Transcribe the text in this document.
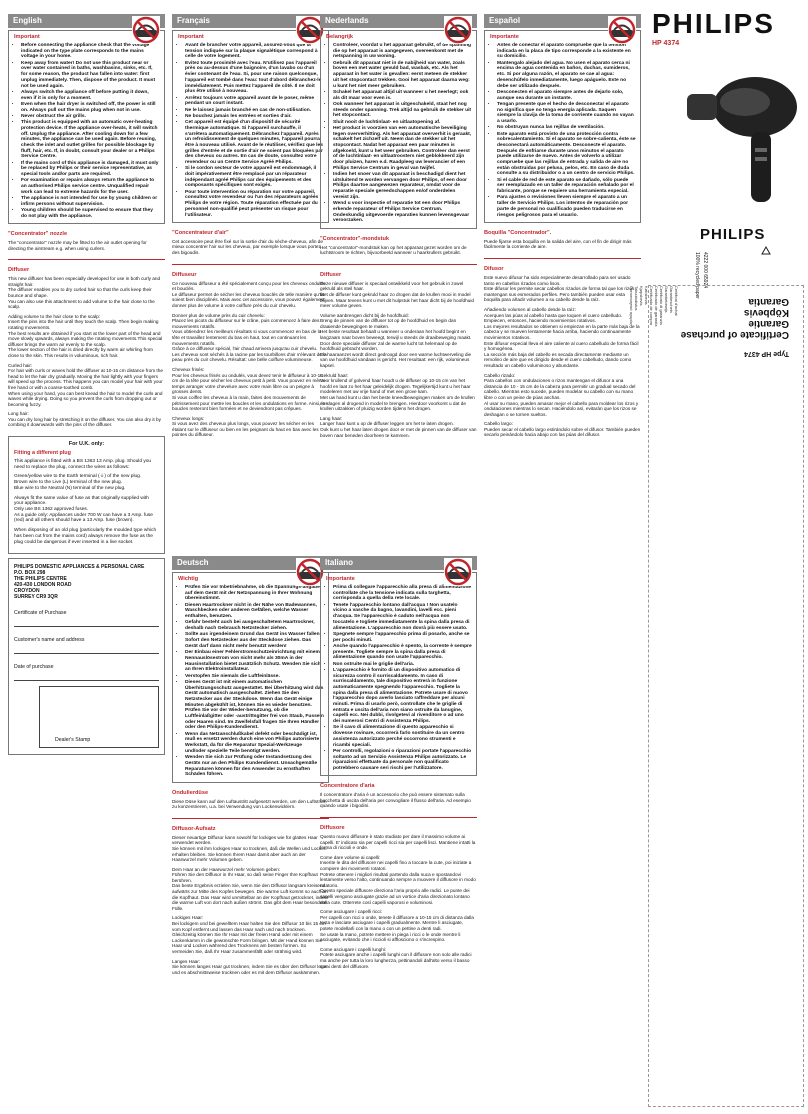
English
Important
• Before connecting the appliance check that the voltage indicated on the type plate corresponds to the mains voltage in your home.
• Keep away from water! Do not use this product near or over water contained in baths, washbasins, sinks, etc. If, for some reason, the product has fallen into water: first unplug immediately. Then, dispose of the product. It must not be used again.
• Always switch the appliance off before putting it down, even if it is only for a moment.
• Even when the hair dryer is switched off, the power is still on. Always pull out the mains plug when not in use.
• Never obstruct the air grills.
• This product is equipped with an automatic over-heating protection device. If the appliance over-heats, it will switch off. Unplug the appliance. After cooling down for a few minutes, the appliance can be used again. Before reusing, check the inlet and outlet grilles for possible blockage by fluff, hair, etc. If, in doubt, consult your dealer or a Philips Service Centre.
• If the mains cord of this appliance is damaged, it must only be replaced by Philips or their service representative, as special tools and/or parts are required.
• For examination or repairs always return the appliance to an authorised Philips service centre. Unqualified repair work can lead to extreme hazards for the user.
• The appliance is not intended for use by young children or infirm persons without supervision.
• Young children should be supervised to ensure that they do not play with the appliance.
"Concentrator" nozzle

The "concentrator" nozzle may be fitted to the air outlet opening for directing the airstream e.g. when using curlers.

Diffuser

This new diffuser has been especially developed for use in both curly and straight hair.
The diffuser enables you to dry curled hair so that the curls keep their bounce and shape.
You can also use this attachment to add volume to the hair close to the scalp.

Adding volume to the hair close to the scalp:
Insert the pins into the hair until they touch the scalp. Then begin making rotating movements.
The best results are obtained if you start at the lower part of the head and move slowly upwards, always making the rotating movements.This special diffuser brings the warm air evenly to the scalp.
The lower section of the hair is dried directly by warm air whirling from close to the skin. This results in voluminous, rich hair.

Curled hair:
For hair with curls or waves hold the diffuser at 10-15 cm distance from the head to let the hair dry gradually. Moving the hair lightly with your fingers will speed up the process. This happens you can model your hair with your free hand or with a coarse-toothed comb.
When using your hand, you can best knead the hair to model the curls and waves while drying. Doing so you prevent the curls from dropping out or becoming fuzzy.

Long hair:
You can dry long hair by stretching it on the diffuser. You can also dry it by combing it downwards with the pins of the diffuser.

For U.K. only:
Fitting a different plug

This appliance is fitted with a BS 1363 13 Amp. plug. Should you need to replace the plug, connect the wires as follows:

Green/yellow wire to the Earth terminal (⏚) of the new plug.
Brown wire to the Live (L) terminal of the new plug.
Blue wire to the Neutral (N) terminal of the new plug.

Always fit the same value of fuse as that originally supplied with your appliance.
Only use BS 1362 approved fuses.
As a guide only: Appliances under 700 W can have a 3 Amp. fuse (red) and all others should have a 13 Amp. fuse (brown).

When disposing of an old plug (particularly the moulded type which has been cut from the mains cord) always remove the fuse as the plug could be dangerous if ever inserted in a live socket.

PHILIPS DOMESTIC APPLIANCES & PERSONAL CARE
P.O. BOX 298
THE PHILIPS CENTRE
420-430 LONDON ROAD
CROYDON
SURREY CR9 3QR
Certificate of Purchase
Customer's name and address
Date of purchase
Dealer's Stamp
Français
Important
• Avant de brancher votre appareil, assurez-vous que la tension indiquée sur la plaque signalétique correspond à celle de votre logement.
• Evitez toute proximité avec l'eau. N'utilisez pas l'appareil près ou au-dessus d'une baignoire, d'un lavabo ou d'un évier contenant de l'eau. Si, pour une raison quelconque, l'appareil est tombé dans l'eau: tout d'abord débranchez-le immédiatement. Puis mettez l'appareil de côté. Il ne doit plus être utilisé à nouveau.
• Arrêtez toujours votre appareil avant de le poser, même pendant un court instant.
• Ne le laissez jamais branché en cas de non-utilisation.
• Ne bouchez jamais les entrées et sorties d'air.
• Cet appareil est équipé d'un dispositif de sécurité thermique automatique. Si l'appareil surchauffe, il s'arrêtera automatiquement. Débranchez l'appareil. Après un refroidissement de quelques minutes, l'appareil pourra être à nouveau utilisé. Avant de le réutiliser, vérifiez que les grilles d'entrée et de sortie d'air ne soient pas bloquées par des cheveux ou autres. En cas de doute, consultez votre revendeur ou un Centre Service Agréé Philips.
• Si le cordon secteur de votre appareil est endommagé, il doit impérativement être remplacé par un réparateur indépendant agréé Philips car des équipements et des composants spécifiques sont exigés.
• Pour toute intervention ou réparation sur votre appareil, consultez votre revendeur ou l'un des réparateurs agréés Philips de votre région. Toute réparation effectuée par du personnel non-qualifié peut présenter un risque pour l'utilisateur.
"Concentrateur d'air"

Cet accessoire peut être fixé sur la sortie d'air du sèche-cheveux, afin de mieux concentrer l'air sur les cheveux, par exemple lorsque vous portez des bigoudis.

Diffuseur

Ce nouveau diffuseur a été spécialement conçu pour les cheveux ondulés et bouclés.
Le diffuseur permet de sécher les cheveux bouclés de telle manière qu'ils soient bien disciplinés. Mais avec cet accessoire, vous pouvez également donner plus de volume à votre coiffure près du cuir chevelu.

Donner plus de volume près du cuir chevelu:
Placez les picots du diffuseur sur le crâne, puis commencez à faire des mouvements rotatifs.
Vous obtiendrez les meilleurs résultats si vous commencez en bas de la tête et travaillez lentement du bas en haut, tout en continuant les mouvements rotatifs.
Grâce à ce diffuseur spécial, l'air chaud arrivera jusqu'au cuir chevelu.
Les cheveux sont séchés à la racine par les tourbillons d'air s'élevant de la peau près du cuir chevelu. Résultat: une belle coiffure volumineuse.

Cheveux frisés:
Pour les cheveux frisés ou ondulés, vous devez tenir le diffuseur à 10-15 cm de la tête pour sécher les cheveux petit à petit. Vous pouvez en même temps arranger votre chevelure avec votre main libre ou un peigne à grosses dents.
Si vous coiffez les cheveux à la main, faites des mouvements de pétrissement pour mettre les boucles et les ondulations en forme. Ainsi, les boucles resteront bien formées et ne deviendront pas crêpues.

Cheveux longs:
Si vous avez des cheveux plus longs, vous pouvez les sécher en les étalant sur le diffuseur ou bien en les peignant du haut en bas avec les pointes du diffuseur.

Deutsch
Wichtig
• Prüfen Sie vor Inbetriebnahme, ob die Spannungs-angabe auf dem Gerät mit der Netzspannung in Ihrer Wohnung übereinstimmt.
• Diesen Haartrockner nicht in der Nähe von Badewannen, Waschbecken oder anderen Gefäßen, welche Wasser enthalten, benutzen.
• Gefahr besteht auch bei ausgeschaltetem Haartrockner, deshalb nach Gebrauch Netzstecker ziehen.
• Sollte aus irgendeinem Grund das Gerät ins Wasser fallen: Sofort den Netzstecker aus der Steckdose ziehen. Das Gerät darf dann nicht mehr benutzt werden!
• Der Einbau einer Fehlerstromschutzeinrichtung mit einem Nennauslösestrom von nicht mehr als 30mA in der Hausinstallation bietet zusätzlich Schutz. Wenden Sie sich an Ihren Elektroinstallateur.
• Verstopfen Sie niemals die Luftfeinlässe.
• Dieses Gerät ist mit einem automatischen Überhitzungsschutz ausgestattet. Bei Überhitzung wird das Gerät automatisch ausgeschaltet. Ziehen Sie den Netzstecker aus der Steckdose. Wenn das Gerät einige Minuten abgekühlt ist, können Sie es wieder benutzen. Prüfen Sie vor der Wieder-benutzung, ob die Luftfeinlaßgitter oder -austrittsgitter frei von Staub, Fusseln oder Haaren sind. Im Zweifelsfall fragen Sie Ihren Händler oder den Philips-Kundendienst.
• Wenn das Netzanschlußkabel defekt oder beschädigt ist, muß es ersetzt werden durch eine von Philips autorisierte Werkstatt, da für die Reparatur Spezial-Werkzeuge und/oder spezielle Teile benötigt werden.
• Wenden Sie sich zur Prüfung oder Instandsetzung des Geräts nur an den Philips Kundendienst. Unsachgemäße Reparaturen können für den Anwender zu ernsthaften Schäden führen.
Ondulierdüse

Diese Düse kann auf den Luftaustritt aufgesetzt werden, um den Luftstrom zu konzentrieren, u.a. bei Verwendung von Lockenwicklern.

Diffusor-Aufsatz

Dieser neuartige Diffusor kann sowohl für lockiges wie für glattes Haar verwendet werden.
Sie können mit ihm lockiges Haar so trocknen, daß die Wellen und Locken erhalten bleiben. Sie können Ihrem Haar damit aber auch an der Haarwurzel mehr Volumen geben.

Dem Haar an der Haarwurzel mehr Volumen geben:
Führen Sie den Diffusor in Ihr Haar, so daß seine Finger Ihre Kopfhaut berühren.
Das beste Ergebnis erzielen Sie, wenn Sie den Diffusor langsam kreisend aufwärts zur Mitte des Kopfes bewegen. Die warme Luft kommt so auch an die Kopfhaut. Das Haar wird unmittelbar an der Kopfhaut getrocknet, indem die warme Luft von dort nach außen strömt. Das gibt dem Haar besondere Fülle.

Lockiges Haar:
Bei lockigem und bei gewelltem Haar halten Sie den Diffusor 10 bis 15 cm vom Kopf entfernt und lassen das Haar nach und nach trocknen. Gleichzeitig können Sie Ihr Haar mit der freien Hand oder mit einem Lockenkamm in die gewünschte Form bringen. Mit der Hand können Sie Haar und Locken während des Trocknens am besten formen. So vermeiden Sie, daß Ihr Haar zusammenfällt oder strähnig wird.

Langes Haar:
Sie können langes Haar gut trocknen, indem Sie es über den Diffusor legen und es abschnittsweise trocknen oder es mit dem Diffusor auskämmen.

Nederlands
Belangrijk
• Controleer, voordat u het apparaat gebruikt, of de spanning die op het apparaat is aangegeven, overeenkomt met de netspanning in uw woning.
• Gebruik dit apparaat niet in de nabijheid van water, zoals boven een met water gevuld bad, wasbak, etc. Als het apparaat in het water is gevallen: eerst meteen de stekker uit het stopcontact trekken. Gooi het apparaat daarna weg: u kunt het niet meer gebruiken.
• Schakel het apparaat altijd uit wanneer u het neerlegt; ook als dit maar voor even is.
• Ook wanneer het apparaat is uitgeschakeld, staat het nog steeds onder spanning. Trek altijd na gebruik de stekker uit het stopcontact.
• Sluit nooit de luchtinlaat- en uitlaatopening af.
• Het product is voorzien van een automatische beveiliging tegen oververhitting. Als het apparaat oververhit is geraakt, schakelt het zichzelf uit. Neem dan de stekker uit het stopcontact. Nadat het apparaat een paar minuten is afgekoeld, kunt u het weer gebruiken. Controleer dan eerst of de luchtinlaat- en uitlaatroosters niet geblokkeerd zijn door pluizen, haren e.d. Raadpleeg uw leverancier of een Philips Service Centrum in geval van twijfel.
• Indien het snoer van dit apparaat is beschadigd dient het uitsluitend te worden vervangen door Philips, of een door Philips daartoe aangewezen reparateur, omdat voor de reparatie speciale gereedschappen en/of onderdelen vereist zijn.
• Wend u voor inspectie of reparatie tot een door Philips erkende reparateur of Philips Service Centrum. Ondeskundig uitgevoerde reparaties kunnen levensgevaar veroorzaken.
"Concentrator"-mondstuk

Het "concentrator"-mondstuk kan op het apparaat gezet worden om de luchtstroom te richten, bijvoorbeeld wanneer u haarkrullers gebruikt.

Diffuser

Deze nieuwe diffuser is speciaal ontwikkeld voor het gebruik in zowel gekruld als steil haar.
Met de diffuser kunt gekruld haar zo drogen dat de krullen mooi in model blijven. Maar tevens kunt u met dit hulpstuk het haar dicht bij de hoofdhuid meer volume geven.

Volume aanbrengen dicht bij de hoofdhuid:
Breng de pinnen van de diffuser tot op de hoofdhuid en begin dan draaiende bewegingen te maken.
Het beste resultaat behaalt u wanneer u onderaan het hoofd begint en langzaam naar boven beweegt, terwijl u steeds de draaibeweging maakt.
Door deze speciale diffuser zal de warme lucht tot helemaal op de hoofdhuid gebracht worden.
De haaraanzet wordt direct gedroogd door een warme luchtwerveling die van uw hoofdhuid vandaan is gericht. Het resultaat: een rijk, volumineus kapsel.

Gekruld haar:
Voor krullend of golvend haar houdt u de diffuser op 10-15 cm van het hoofd en laat zo het haar geleidelijk drogen. Tegelijkertijd kunt u het haar modeleren met uw vrije hand of met een grove kam.
Met uw hand kunt u dan het beste kneedbewegingen maken om de krullen en slagen al drogend in model te brengen. Hierdoor voorkomt u dat de krullen uitzakken of pluizig worden tijdens het drogen.

Lang haar:
Langer haar kunt u op de diffuser leggen om het te laten drogen.
Ook kunt u het haar laten drogen door er met de pinnen van de diffuser van boven naar beneden doorheen te kammen.

Italiano
Importante
• Prima di collegare l'apparecchio alla presa di alimentazione controllate che la tensione indicata sulla targhetta, corrisponda a quella della rete locale.
• Tenete l'apparecchio lontano dall'acqua ! Non usatelo vicino a vasche da bagno, lavandini, lavelli ecc. pieni d'acqua. Se l'apparecchio è caduto nell'acqua non toccatelo e togliete immediatamente la spina dalla presa di alimentazione. L'apparecchio non dovrà più essere usato.
• Spegnete sempre l'apparecchio prima di posarlo, anche se per pochi minuti.
• Anche quando l'apparecchio è spento, la corrente è sempre presente. Togliete sempre la spina dalla presa di alimentazione quando non usate l'apparecchio.
• Non ostruite mai le griglie dell'aria.
• L'apparecchio è fornito di un dispositivo automatico di sicurezza contro il surriscaldamento. In caso di surriscaldamento, tale dispositivo entrerà in funzione automaticamente spegnendo l'apparecchio. Togliete la spina dalla presa di alimentazione. Potrete usare di nuovo l'apparecchio dopo averlo lasciato raffreddare per alcuni minuti. Prima di usarlo però, controllate che le griglie di entrata e uscita dell'aria non siano ostruite da lanugine, capelli ecc. Nei dubbi, rivolgetevi al rivenditore o ad uno dei numerosi Centri di Assistenza Philips.
• Se il cavo di alimentazione di questo apparecchio si dovesse rovinare, occorrerà farlo sostituire da un centro assistenza autorizzato perché occorrono strumenti e ricambi speciali.
• Per controlli, regolazioni o riparazioni portate l'apparecchio soltanto ad un Servizio Assistenza Philips autorizzato. Le riparazioni effettuate da personale non qualificato potrebbero causare seri rischi per l'utilizzatore.
Concentratore d'aria

Il concentratore d'aria è un accessorio che può essere sistemato sulla bocchetta di uscita dell'aria per convogliare il flusso dell'aria. Ad esempio quando usate i bigodini.

Diffusore

Questo nuovo diffusore è stato studiato per dare il massimo volume ai capelli. E' indicato sia per capelli ricci sia per capelli lisci. Mantiene intatti la forma di riccioli e onde.

Come dare volume ai capelli:
Inserite le dita del diffusore nei capelli fino a toccare la cute, poi iniziate a compiere dei movimenti rotatori.
Potrete ottenere i migliori risultati partendo dalla nuca e spostandovi lentamente verso l'alto, continuando sempre a muovere il diffusore in modo rotatorio.
Questo speciale diffusore direziona l'aria proprio alle radici. Le punte dei capelli vengono asciugate grazie ad un vortice d'aria direzionato lontano dalla cute. Otterrete così capelli vaporosi e voluminosi.

Come asciugare i capelli ricci:
Per capelli con ricci o onde, tenete il diffusore a 10-15 cm di distanza dalla testa e lasciate asciugare i capelli gradualmente. Mentre li asciugate, potete modellarli con la mano o con un pettine a denti radi.
Se usate la mano, potrete mettere in piega i ricci o le onde mentre li asciugate, evitando che i riccioli si afflosciono o s'increspino.

Come asciugare i capelli lunghi:
Potete asciugare anche i capelli lunghi con il diffusore non solo alle radici ma anche per tutta la loro lunghezza, pettinandoli dall'alto verso il basso con i denti del diffusore.

Español
Importante
• Antes de conectar el aparato compruebe que la tensión indicada en la placa de tipo corresponde a la existente en su domicilio.
• Mantengalo alejado del agua. No usen el aparato cerca ni encima de agua contenida en baños, duchas, sumideros, etc. Si por alguna razón, el aparato se cae al agua: desenchúfelo inmediatamente, luego apáguelo. Este no debe ser utilizado después.
• Desconecten el aparato siempre antes de dejarlo solo, aunque sea durante un instante.
• Tengan presente que el hecho de desconectar el aparato no significa que no tenga energía aplicada. Saquen siempre la clavija de la toma de corriente cuando no vayan a usarlo.
• No obstruyan nunca las rejillas de ventilación.
• Este aparato está provisto de una protección contra sobrecalentamiento. Si el aparato se sobre-calienta, éste se desconectará automáticamente. Desconecte el aparato. Después de enfriarse durante unos minutos el aparato puede utilizarse de nuevo. Antes de volverlo a utilizar compruebe que las rejillas de entrada y salida de aire no están obstruidas por pelusa, pelos, etc. En caso de duda consulte a su distribuidor o a un centro de servicio Philips.
• Si el cable de red de este aparato se dañado, sólo puede ser reemplazado en un taller de reparación señalado por el fabricante, porque se requiere una herramienta especial.
• Para ajustes o revisiones lleven siempre el aparato a un taller de Servicio Philips. Los intentos de reparación por parte de personal no cualificado pueden traducirse en riesgos peligrosos para el usuario.
Boquilla "Concentrador".

Puede fijarse esta boquilla en la salida del aire, con el fin de dirigir más fácilmente la corriente de aire.

Difusor

Este nuevo difusor ha sido especialmente desarrollado para ser usado tanto en cabellos rizados como lisos.
Este difusor les permite secar cabellos rizados de forma tal que los rizos mantengan sus esmerados perfiles. Pero también pueden usar esta boquilla para añadir volumen a su cabello desde la raíz.

Añadiendo volumen al cabello desde la raíz:
Acerquen las púas al cabello hasta que toquen el cuero cabelludo. Empiecen, entonces, haciendo movimientos rotativos.
Los mejores resultados se obtienen si empiezan en la parte más baja de la cabeza y se mueven lentamente hacia arriba, haciendo continuamente movimientos rotativos.
Este difusor especial lleva el aire caliente al cuero cabelludo de forma fácil y homogénea.
La sección más baja del cabello es secada directamente mediante un remolino de aire que es dirigido desde el cuero cabelludo, dando como resultado un cabello voluminoso y abundante.

Cabello rizado:
Para cabellos con ondulaciones o rizos mantengan el difusor a una distancia de 10 - 15 cm de la cabeza para permitir un gradual secado del cabello. Mientras esto sucede, pueden modelar su cabello con su mano libre o con un peine de púas anchas.
Al usar su mano, pueden amasar mejor el cabello para moldear los rizos y ondulaciones mientras lo secan. Haciéndolo así, evitarán que los rizos se deshagan o se tornen sueltos.

Cabello largo:
Pueden secar el cabello largo estirándolo sobre el difusor. También pueden secarlo peinándolo hacia abajo con las púas del difusor.

PHILIPS
HP 4374
PHILIPS
4222 000 65924
100% recycled paper
Certificate of purchase
Garantie
Köpbevis
Garantia
Type HP 4374
Certificat d'achat
Garantieschein
Garantiebewijs
Certificato di garanzia
Certificado de garantía
Certificado de compra
Købsbevis
Kjøpsbevis
Takuutodistus
Πιστοποιητικό αγοράς
